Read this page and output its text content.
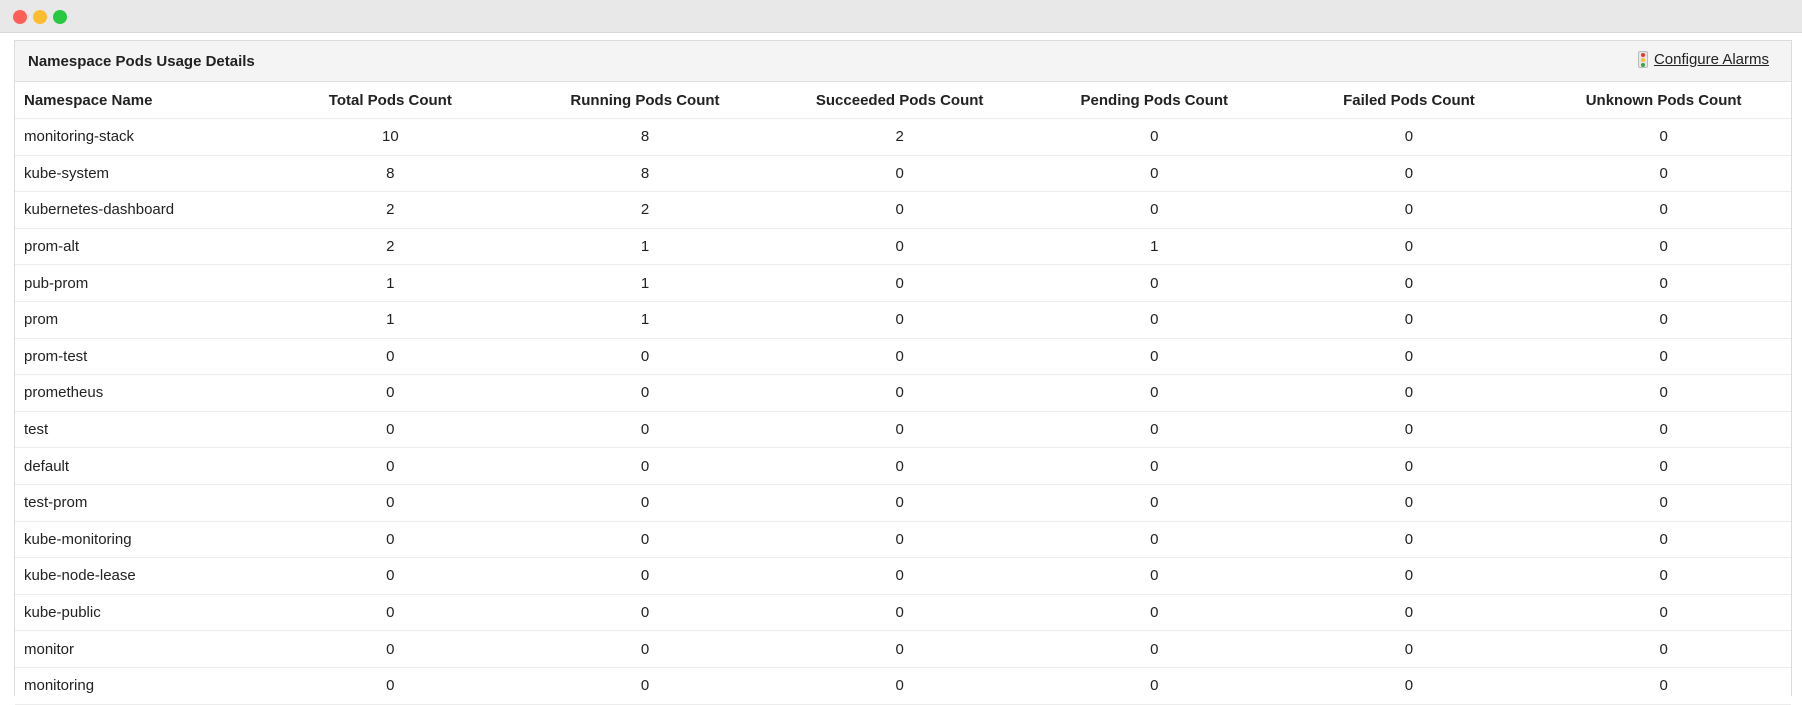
Namespace Pods Usage Details	Configure Alarms
Namespace Name	Total Pods Count	Running Pods Count	Succeeded Pods Count	Pending Pods Count	Failed Pods Count	Unknown Pods Count
monitoring-stack	10	8	2	0	0	0
kube-system	8	8	0	0	0	0
kubernetes-dashboard	2	2	0	0	0	0
prom-alt	2	1	0	1	0	0
pub-prom	1	1	0	0	0	0
prom	1	1	0	0	0	0
prom-test	0	0	0	0	0	0
prometheus	0	0	0	0	0	0
test	0	0	0	0	0	0
default	0	0	0	0	0	0
test-prom	0	0	0	0	0	0
kube-monitoring	0	0	0	0	0	0
kube-node-lease	0	0	0	0	0	0
kube-public	0	0	0	0	0	0
monitor	0	0	0	0	0	0
monitoring	0	0	0	0	0	0
